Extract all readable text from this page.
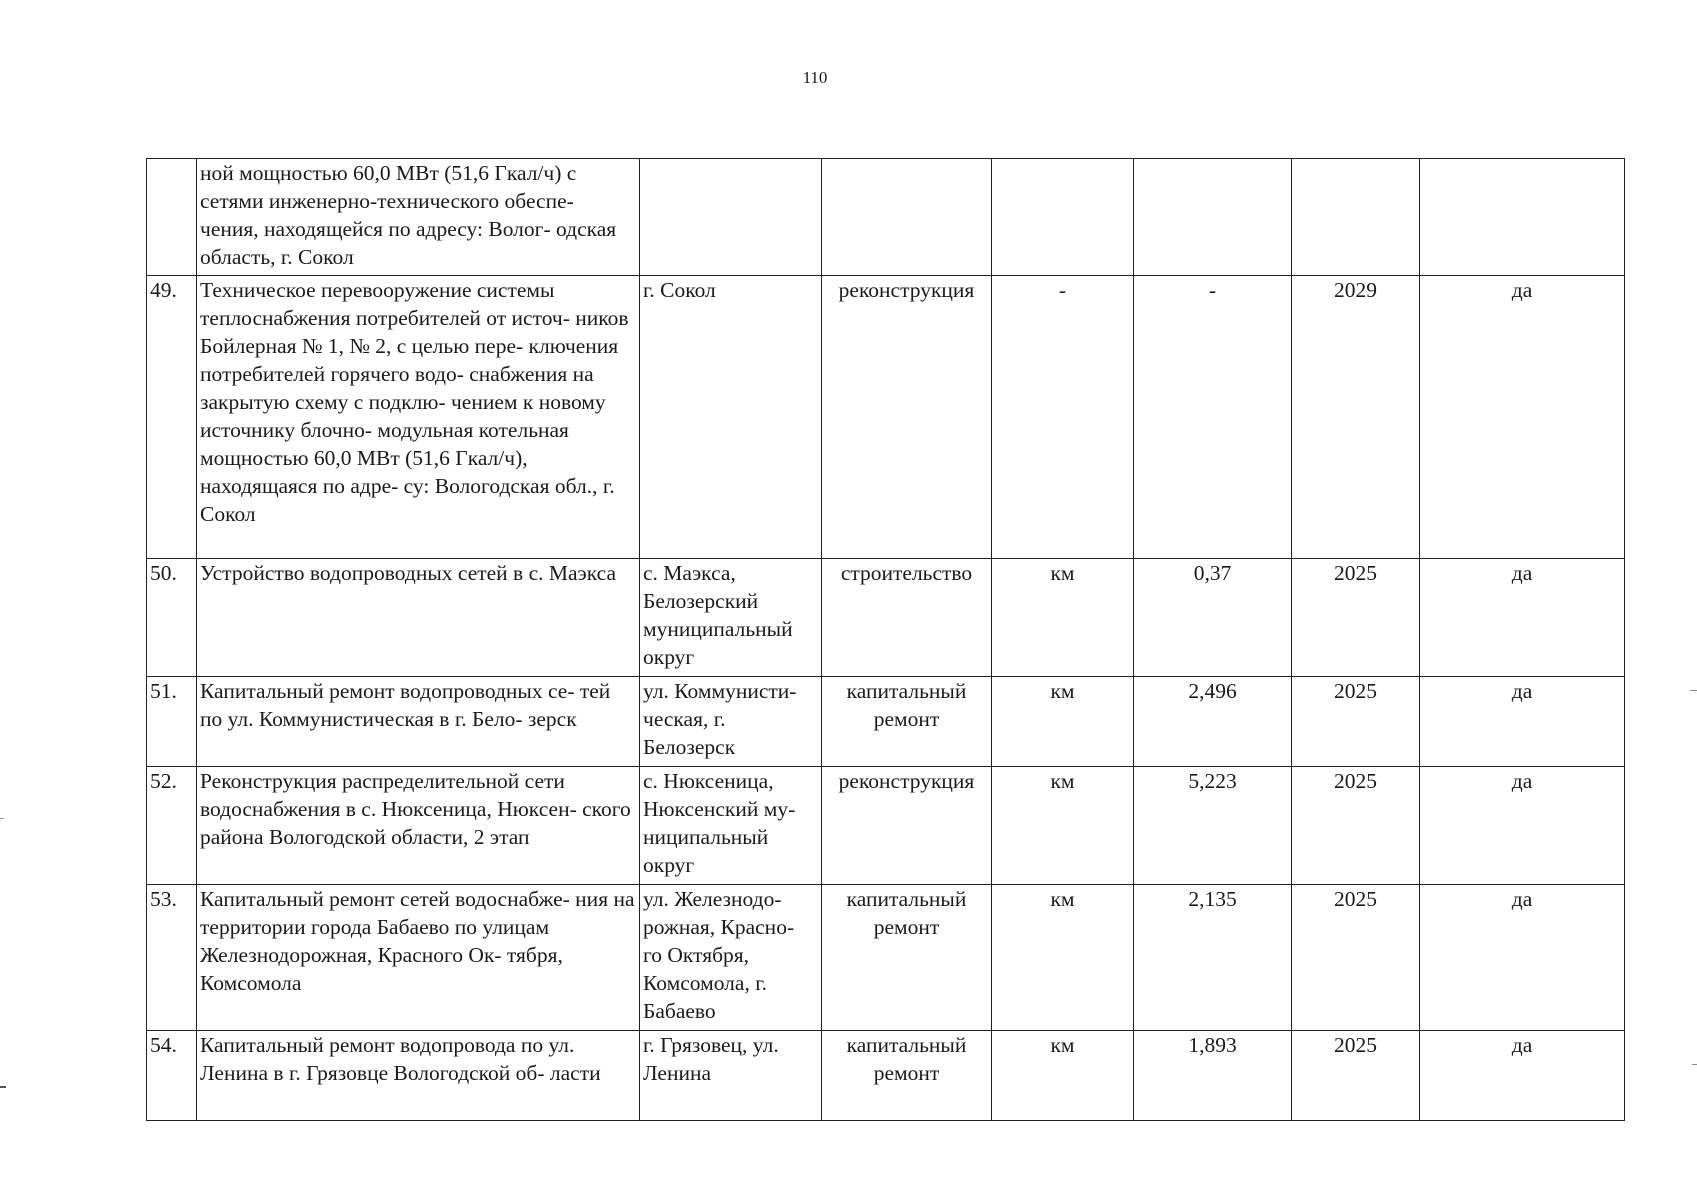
110
	ной мощностью 60,0 МВт (51,6 Гкал/ч) с сетями инженерно-технического обеспе- чения, находящейся по адресу: Волог- одская область, г. Сокол						
49.	Техническое перевооружение системы теплоснабжения потребителей от источ- ников Бойлерная № 1, № 2, с целью пере- ключения потребителей горячего водо- снабжения на закрытую схему с подклю- чением к новому источнику блочно- модульная котельная мощностью 60,0 МВт (51,6 Гкал/ч), находящаяся по адре- су: Вологодская обл., г. Сокол	г. Сокол	реконструкция	-	-	2029	да
50.	Устройство водопроводных сетей в с. Маэкса	с. Маэкса, Белозерский муниципальный округ	строительство	км	0,37	2025	да
51.	Капитальный ремонт водопроводных се- тей по ул. Коммунистическая в г. Бело- зерск	ул. Коммунисти- ческая, г. Белозерск	капитальный ремонт	км	2,496	2025	да
52.	Реконструкция распределительной сети водоснабжения в с. Нюксеница, Нюксен- ского района Вологодской области, 2 этап	с. Нюксеница, Нюксенский му- ниципальный округ	реконструкция	км	5,223	2025	да
53.	Капитальный ремонт сетей водоснабже- ния на территории города Бабаево по улицам Железнодорожная, Красного Ок- тября, Комсомола	ул. Железнодо- рожная, Красно- го Октября, Комсомола, г. Бабаево	капитальный ремонт	км	2,135	2025	да
54.	Капитальный ремонт водопровода по ул. Ленина в г. Грязовце Вологодской об- ласти	г. Грязовец, ул. Ленина	капитальный ремонт	км	1,893	2025	да
